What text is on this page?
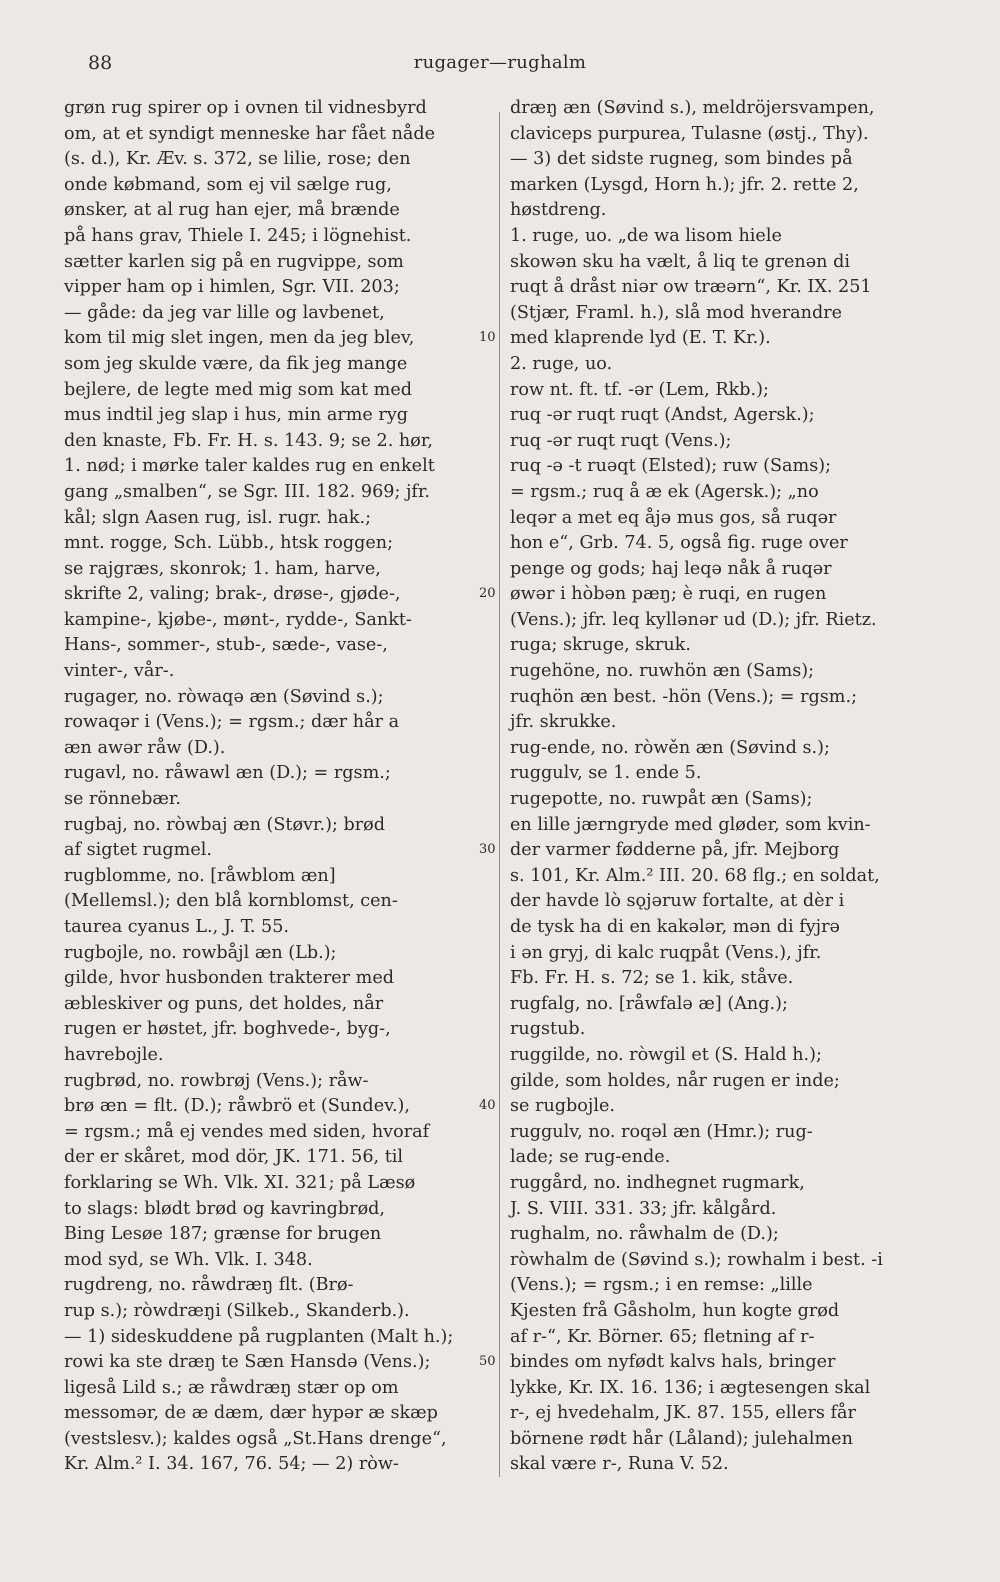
88	rugager—rughalm
grøn rug spirer op i ovnen til vidnesbyrd
om, at et syndigt menneske har fået nåde
(s. d.), Kr. Æv. s. 372, se lilie, rose; den
onde købmand, som ej vil sælge rug,
ønsker, at al rug han ejer, må brænde
på hans grav, Thiele I. 245; i lögnehist.
sætter karlen sig på en rugvippe, som
vipper ham op i himlen, Sgr. VII. 203;
— gåde: da jeg var lille og lavbenet,
kom til mig slet ingen, men da jeg blev,
som jeg skulde være, da fik jeg mange
bejlere, de legte med mig som kat med
mus indtil jeg slap i hus, min arme ryg
den knaste, Fb. Fr. H. s. 143. 9; se 2. hør,
1. nød; i mørke taler kaldes rug en enkelt
gang „smalben“, se Sgr. III. 182. 969; jfr.
kål; slgn Aasen rug, isl. rugr. hak.;
mnt. rogge, Sch. Lübb., htsk roggen;
se rajgræs, skonrok; 1. ham, harve,
skrifte 2, valing; brak-, drøse-, gjøde-,
kampine-, kjøbe-, mønt-, rydde-, Sankt-
Hans-, sommer-, stub-, sæde-, vase-,
vinter-, vår-.
rugager, no. ròwaqə æn (Søvind s.);
rowaqər i (Vens.); = rgsm.; dær hår a
æn awər råw (D.).
rugavl, no. råwawl æn (D.); = rgsm.;
se rönnebær.
rugbaj, no. ròwbaj æn (Støvr.); brød
af sigtet rugmel.
rugblomme, no. [råwblom æn]
(Mellemsl.); den blå kornblomst, cen-
taurea cyanus L., J. T. 55.
rugbojle, no. rowbåjl æn (Lb.);
gilde, hvor husbonden trakterer med
æbleskiver og puns, det holdes, når
rugen er høstet, jfr. boghvede-, byg-,
havrebojle.
rugbrød, no. rowbrøj (Vens.); råw-
brø æn = flt. (D.); råwbrö et (Sundev.),
= rgsm.; må ej vendes med siden, hvoraf
der er skåret, mod dör, JK. 171. 56, til
forklaring se Wh. Vlk. XI. 321; på Læsø
to slags: blødt brød og kavringbrød,
Bing Lesøe 187; grænse for brugen
mod syd, se Wh. Vlk. I. 348.
rugdreng, no. råwdræŋ flt. (Brø-
rup s.); ròwdræŋi (Silkeb., Skanderb.).
— 1) sideskuddene på rugplanten (Malt h.);
rowi ka ste dræŋ te Sæn Hansdə (Vens.);
ligeså Lild s.; æ råwdræŋ stær op om
messomər, de æ dæm, dær hypər æ skæp
(vestslesv.); kaldes også „St.Hans drenge“,
Kr. Alm.² I. 34. 167, 76. 54; — 2) ròw-
dræŋ æn (Søvind s.), meldröjersvampen,
claviceps purpurea, Tulasne (østj., Thy).
— 3) det sidste rugneg, som bindes på
marken (Lysgd, Horn h.); jfr. 2. rette 2,
høstdreng.
1. ruge, uo. „de wa lisom hiele
skowən sku ha vælt, å liq te grenən di
ruqt å dråst niər ow træərn“, Kr. IX. 251
(Stjær, Framl. h.), slå mod hverandre
med klaprende lyd (E. T. Kr.).
2. ruge, uo.
row nt. ft. tf. -ər (Lem, Rkb.);
ruq -ər ruqt ruqt (Andst, Agersk.);
ruq -ər ruqt ruqt (Vens.);
ruq -ə -t ruəqt (Elsted); ruw (Sams);
= rgsm.; ruq å æ ek (Agersk.); „no
leqər a met eq åjə mus gos, så ruqər
hon e“, Grb. 74. 5, også fig. ruge over
penge og gods; haj leqə nåk å ruqər
øwər i hòbən pæŋ; è ruqi, en rugen
(Vens.); jfr. leq kyllənər ud (D.); jfr. Rietz.
ruga; skruge, skruk.
rugehöne, no. ruwhön æn (Sams);
ruqhön æn best. -hön (Vens.); = rgsm.;
jfr. skrukke.
rug-ende, no. ròwěn æn (Søvind s.);
ruggulv, se 1. ende 5.
rugepotte, no. ruwpåt æn (Sams);
en lille jærngryde med gløder, som kvin-
der varmer fødderne på, jfr. Mejborg
s. 101, Kr. Alm.² III. 20. 68 flg.; en soldat,
der havde lò sǫjəruw fortalte, at dèr i
de tysk ha di en kakələr, mən di fyjrə
i ən gryj, di kalc ruqpåt (Vens.), jfr.
Fb. Fr. H. s. 72; se 1. kik, ståve.
rugfalg, no. [råwfalə æ] (Ang.);
rugstub.
ruggilde, no. ròwgil et (S. Hald h.);
gilde, som holdes, når rugen er inde;
se rugbojle.
ruggulv, no. roqəl æn (Hmr.); rug-
lade; se rug-ende.
ruggård, no. indhegnet rugmark,
J. S. VIII. 331. 33; jfr. kålgård.
rughalm, no. råwhalm de (D.);
ròwhalm de (Søvind s.); rowhalm i best. -i
(Vens.); = rgsm.; i en remse: „lille
Kjesten frå Gåsholm, hun kogte grød
af r-“, Kr. Börner. 65; fletning af r-
bindes om nyfødt kalvs hals, bringer
lykke, Kr. IX. 16. 136; i ægtesengen skal
r-, ej hvedehalm, JK. 87. 155, ellers får
börnene rødt hår (Låland); julehalmen
skal være r-, Runa V. 52.
10
20
30
40
50
